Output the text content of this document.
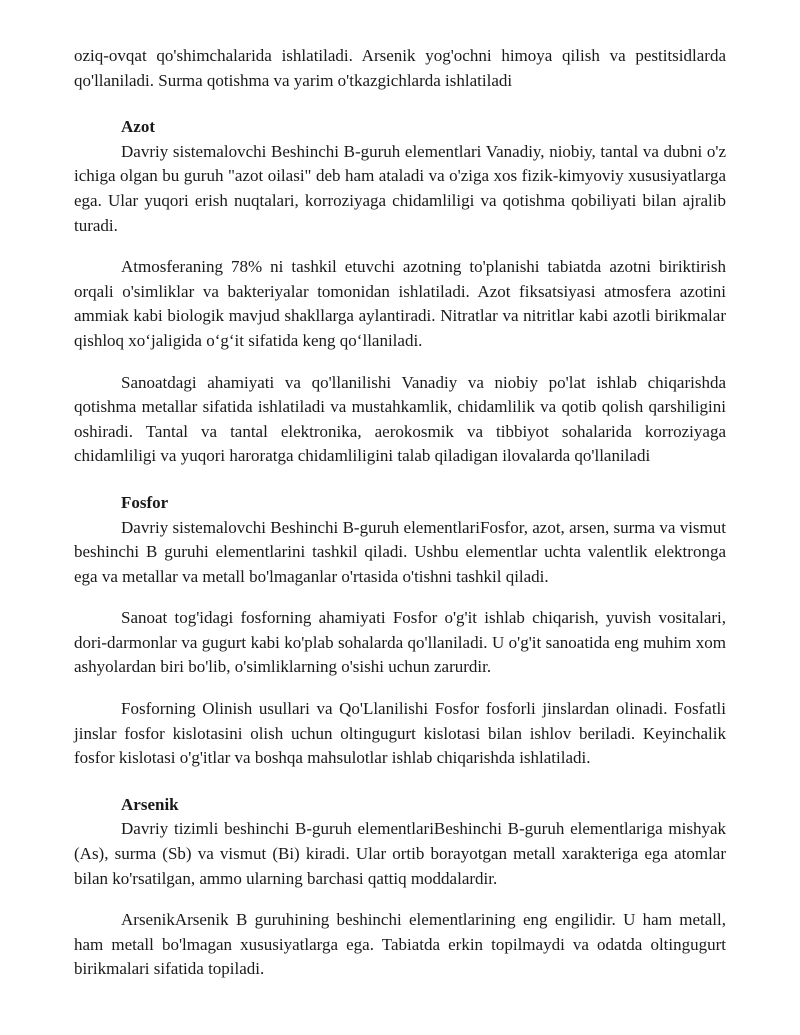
oziq-ovqat qo'shimchalarida ishlatiladi. Arsenik yog'ochni himoya qilish va pestitsidlarda qo'llaniladi. Surma qotishma va yarim o'tkazgichlarda ishlatiladi

Azot

Davriy sistemalovchi Beshinchi B-guruh elementlari Vanadiy, niobiy, tantal va dubni o'z ichiga olgan bu guruh "azot oilasi" deb ham ataladi va o'ziga xos fizik-kimyoviy xususiyatlarga ega. Ular yuqori erish nuqtalari, korroziyaga chidamliligi va qotishma qobiliyati bilan ajralib turadi.

Atmosferaning 78% ni tashkil etuvchi azotning to'planishi tabiatda azotni biriktirish orqali o'simliklar va bakteriyalar tomonidan ishlatiladi. Azot fiksatsiyasi atmosfera azotini ammiak kabi biologik mavjud shakllarga aylantiradi. Nitratlar va nitritlar kabi azotli birikmalar qishloq xo‘jaligida o‘g‘it sifatida keng qo‘llaniladi.

Sanoatdagi ahamiyati va qo'llanilishi Vanadiy va niobiy po'lat ishlab chiqarishda qotishma metallar sifatida ishlatiladi va mustahkamlik, chidamlilik va qotib qolish qarshiligini oshiradi. Tantal va tantal elektronika, aerokosmik va tibbiyot sohalarida korroziyaga chidamliligi va yuqori haroratga chidamliligini talab qiladigan ilovalarda qo'llaniladi

Fosfor

Davriy sistemalovchi Beshinchi B-guruh elementlariFosfor, azot, arsen, surma va vismut beshinchi B guruhi elementlarini tashkil qiladi. Ushbu elementlar uchta valentlik elektronga ega va metallar va metall bo'lmaganlar o'rtasida o'tishni tashkil qiladi.

Sanoat tog'idagi fosforning ahamiyati Fosfor o'g'it ishlab chiqarish, yuvish vositalari, dori-darmonlar va gugurt kabi ko'plab sohalarda qo'llaniladi. U o'g'it sanoatida eng muhim xom ashyolardan biri bo'lib, o'simliklarning o'sishi uchun zarurdir.

Fosforning Olinish usullari va Qo'Llanilishi Fosfor fosforli jinslardan olinadi. Fosfatli jinslar fosfor kislotasini olish uchun oltingugurt kislotasi bilan ishlov beriladi. Keyinchalik fosfor kislotasi o'g'itlar va boshqa mahsulotlar ishlab chiqarishda ishlatiladi.

Arsenik

Davriy tizimli beshinchi B-guruh elementlariBeshinchi B-guruh elementlariga mishyak (As), surma (Sb) va vismut (Bi) kiradi. Ular ortib borayotgan metall xarakteriga ega atomlar bilan ko'rsatilgan, ammo ularning barchasi qattiq moddalardir.

ArsenikArsenik B guruhining beshinchi elementlarining eng engilidir. U ham metall, ham metall bo'lmagan xususiyatlarga ega. Tabiatda erkin topilmaydi va odatda oltingugurt birikmalari sifatida topiladi.
